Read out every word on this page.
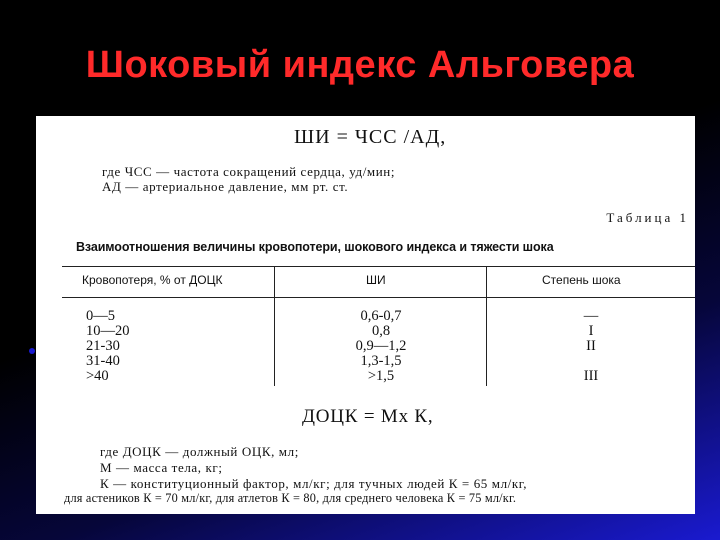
Шоковый индекс Альговера
ШИ = ЧСС /АД,
где ЧСС — частота сокращений сердца, уд/мин;
АД — артериальное давление, мм рт. ст.
Таблица 1
Взаимоотношения величины кровопотери, шокового индекса и тяжести шока
Кровопотеря, % от ДОЦК	ШИ	Степень шока
0—5
10—20
21-30
31-40
>40
0,6-0,7
0,8
0,9—1,2
1,3-1,5
>1,5
—
I
II
III
ДОЦК = Мх К,
где ДОЦК — должный ОЦК, мл;
М — масса тела, кг;
К — конституционный фактор, мл/кг; для тучных людей К = 65 мл/кг,
для астеников К = 70 мл/кг, для атлетов К = 80, для среднего человека К = 75 мл/кг.
